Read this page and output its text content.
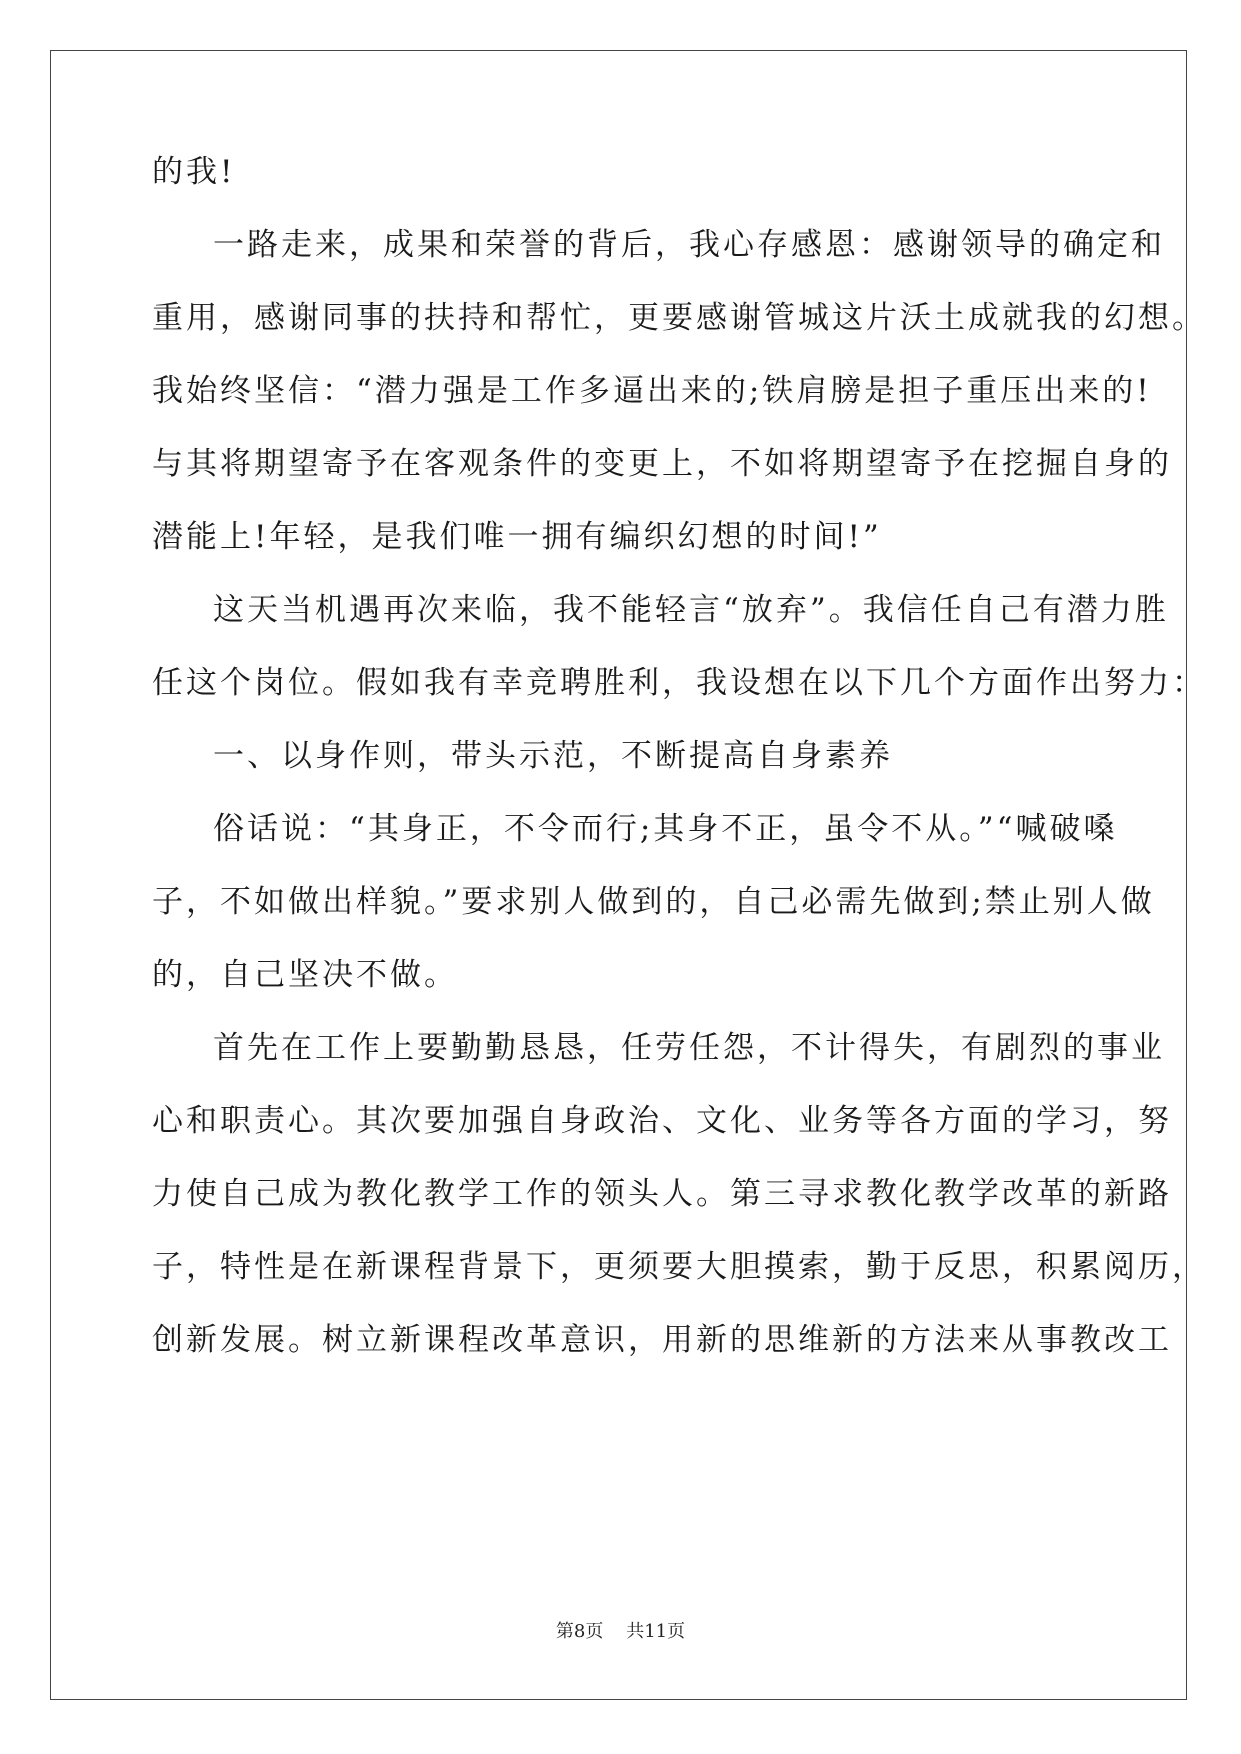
的我!
一路走来，成果和荣誉的背后，我心存感恩：感谢领导的确定和
重用，感谢同事的扶持和帮忙，更要感谢管城这片沃土成就我的幻想。
我始终坚信：“潜力强是工作多逼出来的;铁肩膀是担子重压出来的!
与其将期望寄予在客观条件的变更上，不如将期望寄予在挖掘自身的
潜能上!年轻，是我们唯一拥有编织幻想的时间!”
这天当机遇再次来临，我不能轻言“放弃”。我信任自己有潜力胜
任这个岗位。假如我有幸竞聘胜利，我设想在以下几个方面作出努力：
一、以身作则，带头示范，不断提高自身素养
俗话说：“其身正，不令而行;其身不正，虽令不从。”“喊破嗓
子，不如做出样貌。”要求别人做到的，自己必需先做到;禁止别人做
的，自己坚决不做。
首先在工作上要勤勤恳恳，任劳任怨，不计得失，有剧烈的事业
心和职责心。其次要加强自身政治、文化、业务等各方面的学习，努
力使自己成为教化教学工作的领头人。第三寻求教化教学改革的新路
子，特性是在新课程背景下，更须要大胆摸索，勤于反思，积累阅历，
创新发展。树立新课程改革意识，用新的思维新的方法来从事教改工
第8页 共11页
